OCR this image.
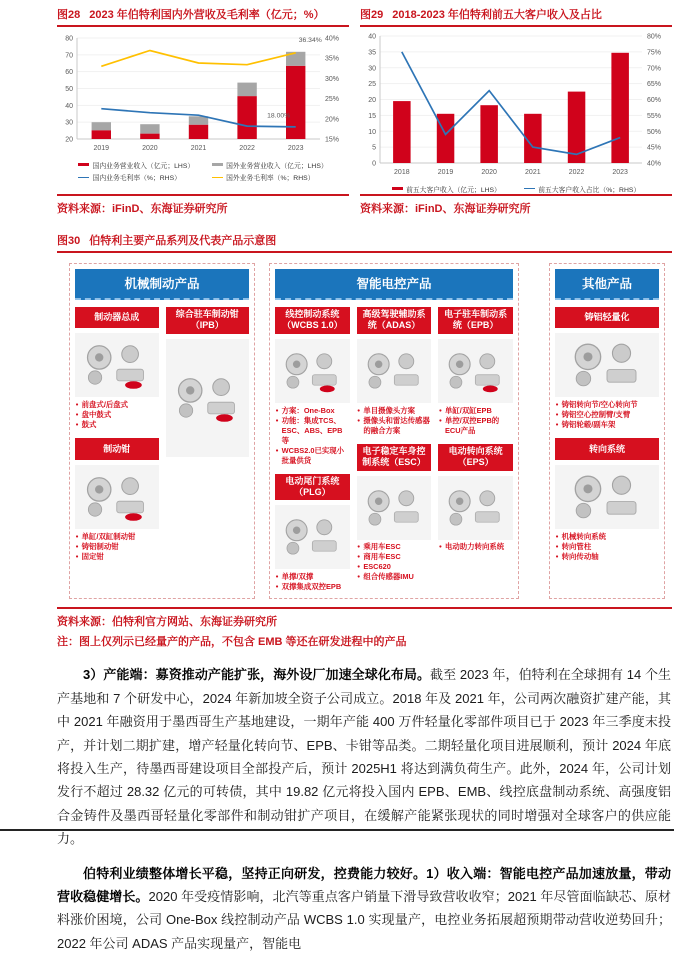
图28 2023 年伯特利国内外营收及毛利率（亿元；%）
20
30
40
50
60
70
80
15%
20%
25%
30%
35%
40%
2019	2020	2021	2022	2023
36.34%
18.00%
国内业务营业收入（亿元；LHS）	国外业务营业收入（亿元；LHS）
国内业务毛利率（%；RHS）	国外业务毛利率（%；RHS）
资料来源：iFinD、东海证券研究所
图29 2018-2023 年伯特利前五大客户收入及占比
0
5
10
15
20
25
30
35
40
40%
45%
50%
55%
60%
65%
70%
75%
80%
2018	2019	2020	2021	2022	2023
前五大客户收入（亿元；LHS）	前五大客户收入占比（%；RHS）
资料来源：iFinD、东海证券研究所
图30 伯特利主要产品系列及代表产品示意图
机械制动产品
制动器总成
• 前盘式/后盘式
• 盘中鼓式
• 鼓式
制动钳
• 单缸/双缸制动钳
• 铸铝制动钳
• 固定钳
综合驻车制动钳（IPB）
智能电控产品
线控制动系统（WCBS 1.0）
• 方案：One-Box
• 功能：集成TCS、ESC、ABS、EPB等
• WCBS2.0已实现小批量供货
电动尾门系统（PLG）
• 单撑/双撑
• 双撑集成双控EPB
高级驾驶辅助系统（ADAS）
• 单目摄像头方案
• 摄像头和雷达传感器的融合方案
电子稳定车身控制系统（ESC）
• 乘用车ESC
• 商用车ESC
• ESC620
• 组合传感器IMU
电子驻车制动系统（EPB）
• 单缸/双缸EPB
• 单控/双控EPB的ECU产品
电动转向系统（EPS）
• 电动助力转向系统
其他产品
铸铝轻量化
• 铸铝转向节/空心转向节
• 铸铝空心控制臂/支臂
• 铸铝轮毂/副车架
转向系统
• 机械转向系统
• 转向管柱
• 转向传动轴
资料来源：伯特利官方网站、东海证券研究所
注：图上仅列示已经量产的产品，不包含 EMB 等还在研发进程中的产品

3）产能端：募资推动产能扩张，海外设厂加速全球化布局。截至 2023 年，伯特利在全球拥有 14 个生产基地和 7 个研发中心，2024 年新加坡全资子公司成立。2018 年及 2021 年，公司两次融资扩建产能，其中 2021 年融资用于墨西哥生产基地建设，一期年产能 400 万件轻量化零部件项目已于 2023 年三季度末投产，并计划二期扩建，增产轻量化转向节、EPB、卡钳等品类。二期轻量化项目进展顺利，预计 2024 年底将投入生产，待墨西哥建设项目全部投产后，预计 2025H1 将达到满负荷生产。此外，2024 年，公司计划发行不超过 28.32 亿元的可转债，其中 19.82 亿元将投入国内 EPB、EMB、线控底盘制动系统、高强度铝合金铸件及墨西哥轻量化零部件和制动钳扩产项目，在缓解产能紧张现状的同时增强对全球客户的供应能力。

伯特利业绩整体增长平稳，坚持正向研发，控费能力较好。1）收入端：智能电控产品加速放量，带动营收稳健增长。2020 年受疫情影响，北汽等重点客户销量下滑导致营收收窄；2021 年尽管面临缺芯、原材料涨价困境，公司 One-Box 线控制动产品 WCBS 1.0 实现量产，电控业务拓展超预期带动营收逆势回升；2022 年公司 ADAS 产品实现量产，智能电
